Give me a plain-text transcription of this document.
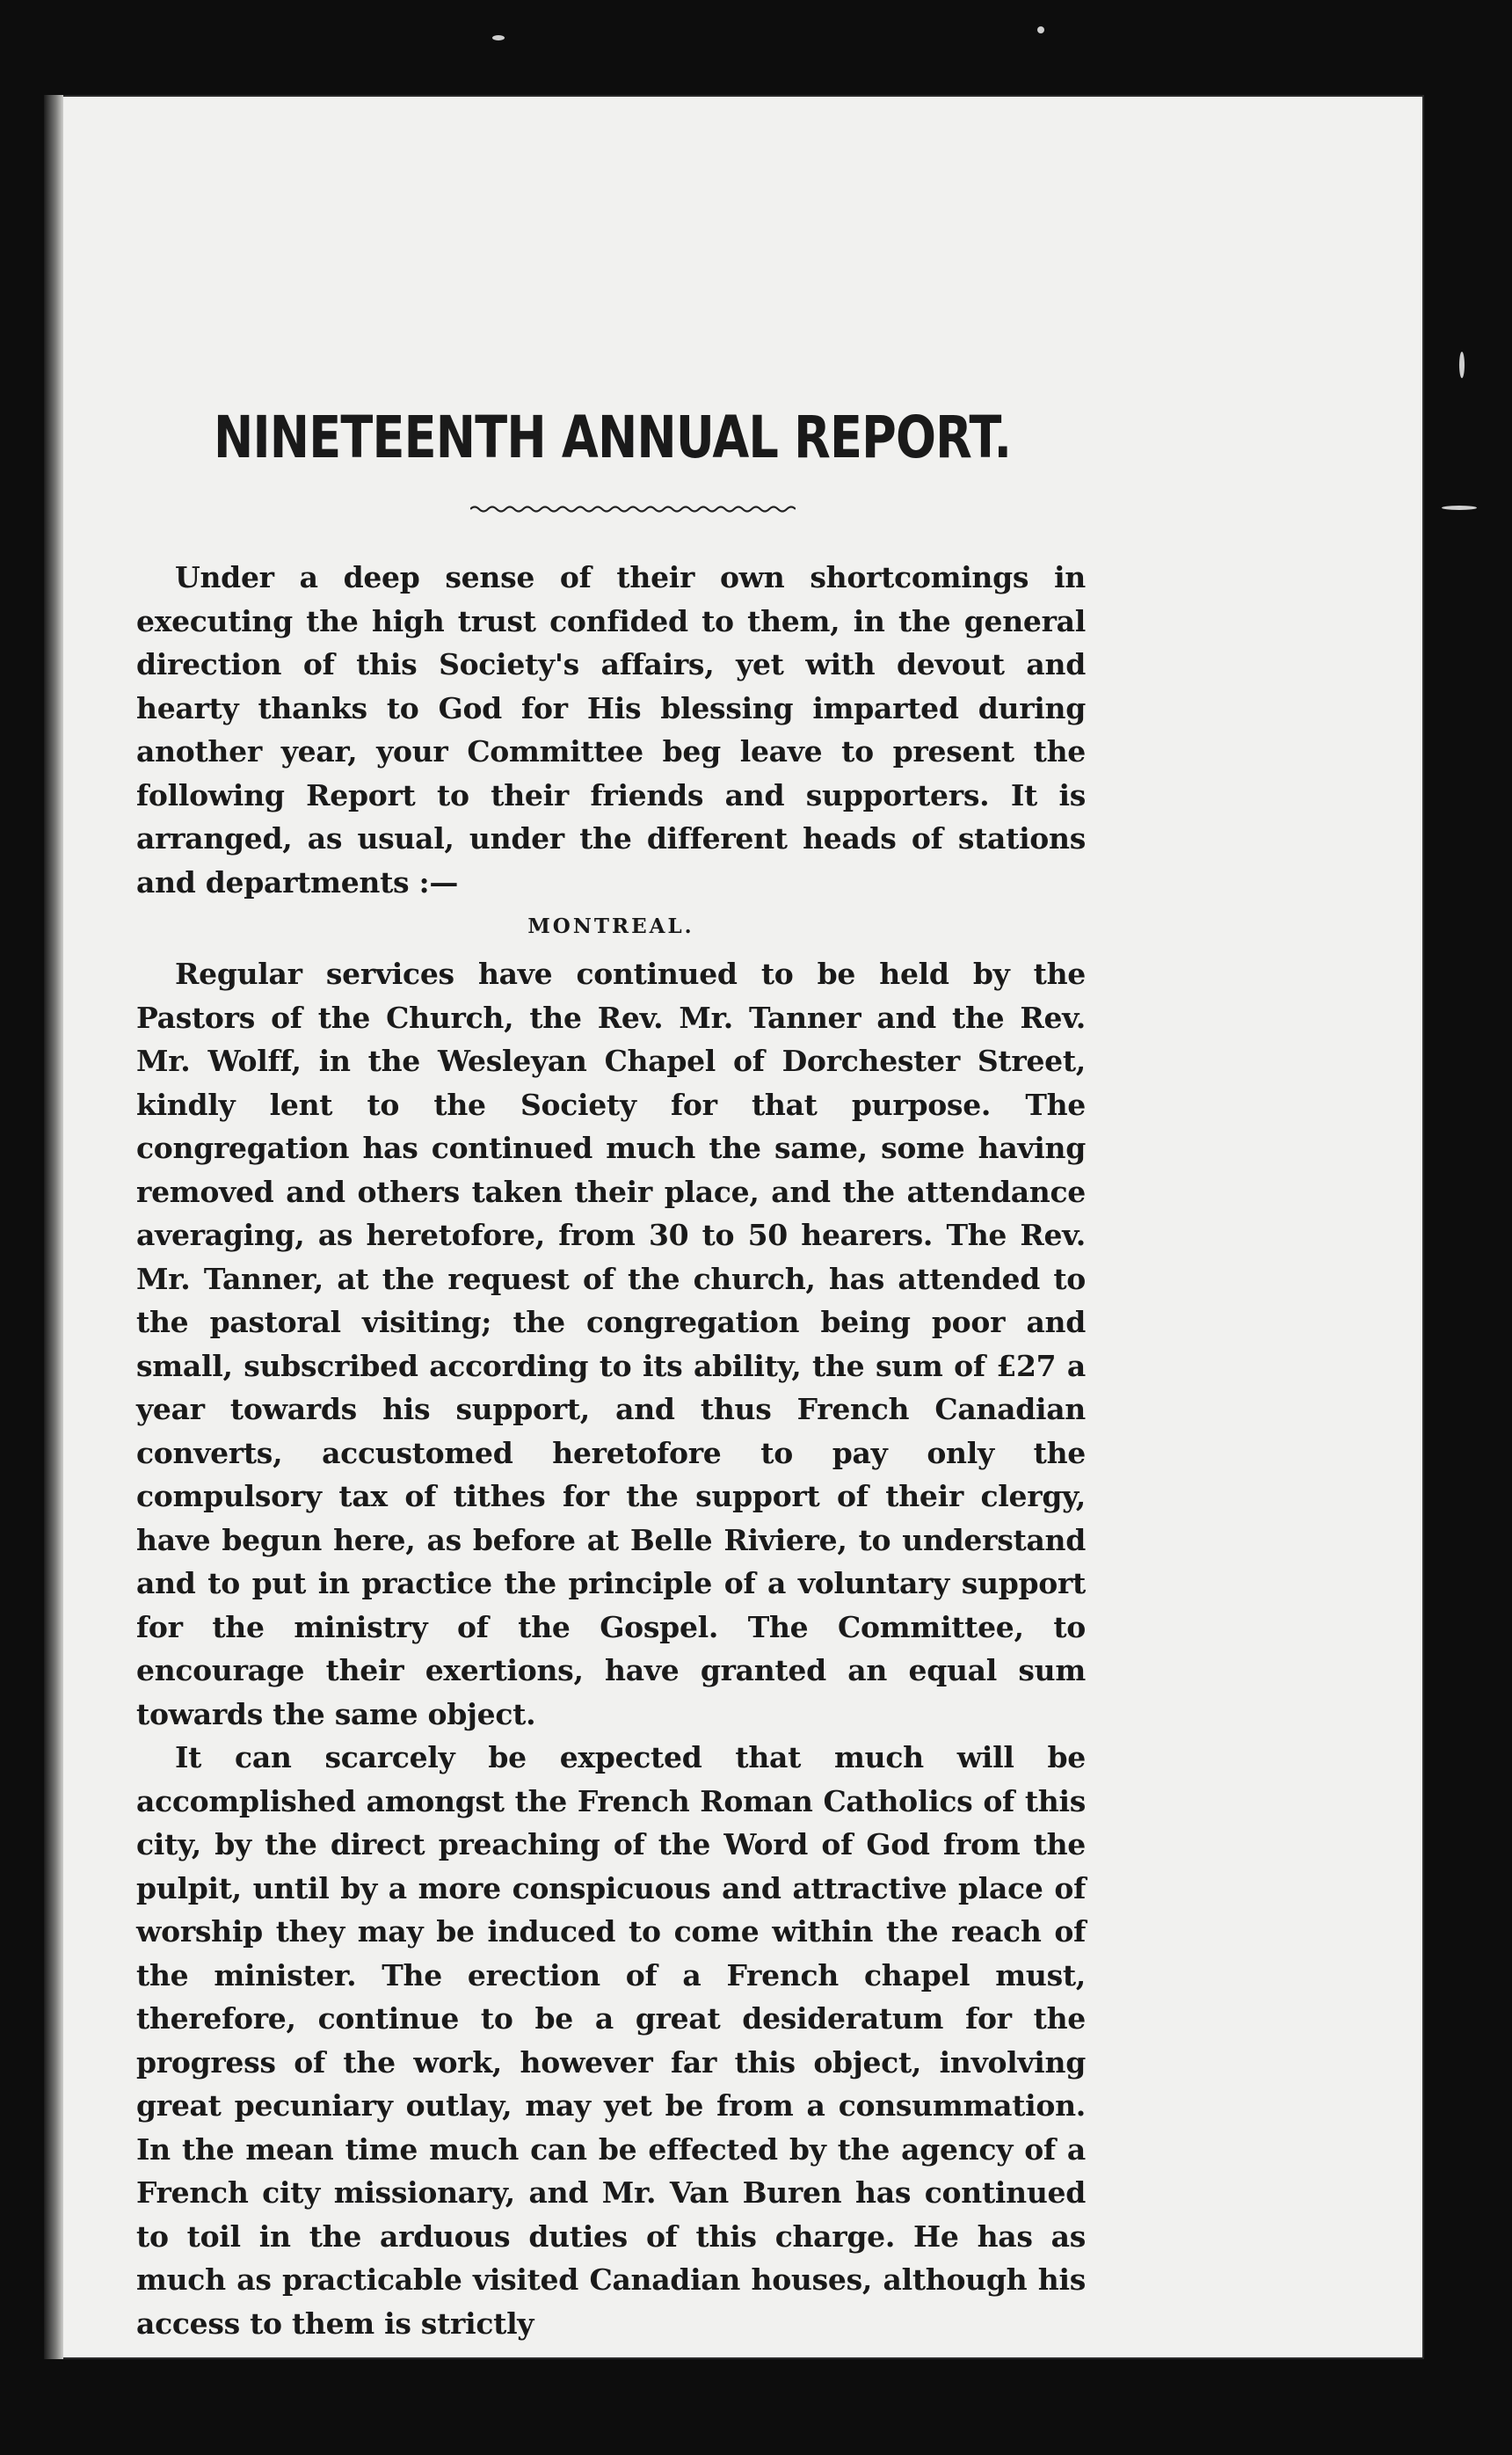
NINETEENTH ANNUAL REPORT.

Under a deep sense of their own shortcomings in executing the high trust confided to them, in the general direction of this Society's affairs, yet with devout and hearty thanks to God for His blessing imparted during another year, your Committee beg leave to present the following Report to their friends and supporters. It is arranged, as usual, under the different heads of stations and departments :—

MONTREAL.

Regular services have continued to be held by the Pastors of the Church, the Rev. Mr. Tanner and the Rev. Mr. Wolff, in the Wesleyan Chapel of Dorchester Street, kindly lent to the Society for that purpose. The congregation has continued much the same, some having removed and others taken their place, and the attendance averaging, as heretofore, from 30 to 50 hearers. The Rev. Mr. Tanner, at the request of the church, has attended to the pastoral visiting; the congregation being poor and small, subscribed according to its ability, the sum of £27 a year towards his support, and thus French Canadian converts, accustomed heretofore to pay only the compulsory tax of tithes for the support of their clergy, have begun here, as before at Belle Riviere, to understand and to put in practice the principle of a voluntary support for the ministry of the Gospel. The Committee, to encourage their exertions, have granted an equal sum towards the same object.

It can scarcely be expected that much will be accomplished amongst the French Roman Catholics of this city, by the direct preaching of the Word of God from the pulpit, until by a more conspicuous and attractive place of worship they may be induced to come within the reach of the minister. The erection of a French chapel must, therefore, continue to be a great desideratum for the progress of the work, however far this object, involving great pecuniary outlay, may yet be from a consummation. In the mean time much can be effected by the agency of a French city missionary, and Mr. Van Buren has continued to toil in the arduous duties of this charge. He has as much as practicable visited Canadian houses, although his access to them is strictly
